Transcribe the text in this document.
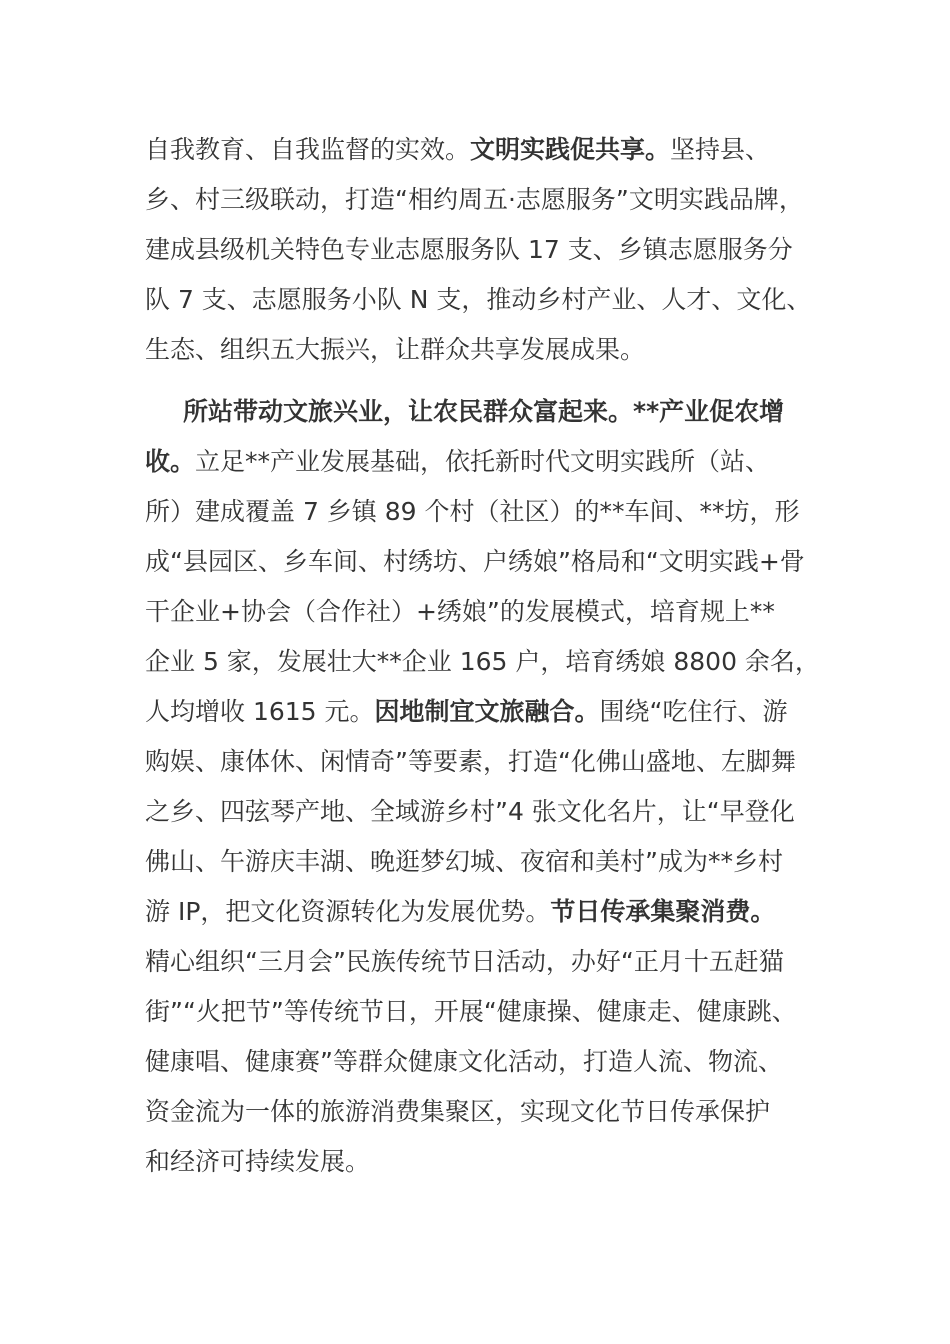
自我教育、自我监督的实效。文明实践促共享。坚持县、
乡、村三级联动，打造“相约周五·志愿服务”文明实践品牌，
建成县级机关特色专业志愿服务队 17 支、乡镇志愿服务分
队 7 支、志愿服务小队 N 支，推动乡村产业、人才、文化、
生态、组织五大振兴，让群众共享发展成果。
所站带动文旅兴业，让农民群众富起来。**产业促农增
收。立足**产业发展基础，依托新时代文明实践所（站、
所）建成覆盖 7 乡镇 89 个村（社区）的**车间、**坊，形
成“县园区、乡车间、村绣坊、户绣娘”格局和“文明实践+骨
干企业+协会（合作社）+绣娘”的发展模式，培育规上**
企业 5 家，发展壮大**企业 165 户，培育绣娘 8800 余名，
人均增收 1615 元。因地制宜文旅融合。围绕“吃住行、游
购娱、康体休、闲情奇”等要素，打造“化佛山盛地、左脚舞
之乡、四弦琴产地、全域游乡村”4 张文化名片，让“早登化
佛山、午游庆丰湖、晚逛梦幻城、夜宿和美村”成为**乡村
游 IP，把文化资源转化为发展优势。节日传承集聚消费。
精心组织“三月会”民族传统节日活动，办好“正月十五赶猫
街”“火把节”等传统节日，开展“健康操、健康走、健康跳、
健康唱、健康赛”等群众健康文化活动，打造人流、物流、
资金流为一体的旅游消费集聚区，实现文化节日传承保护
和经济可持续发展。
